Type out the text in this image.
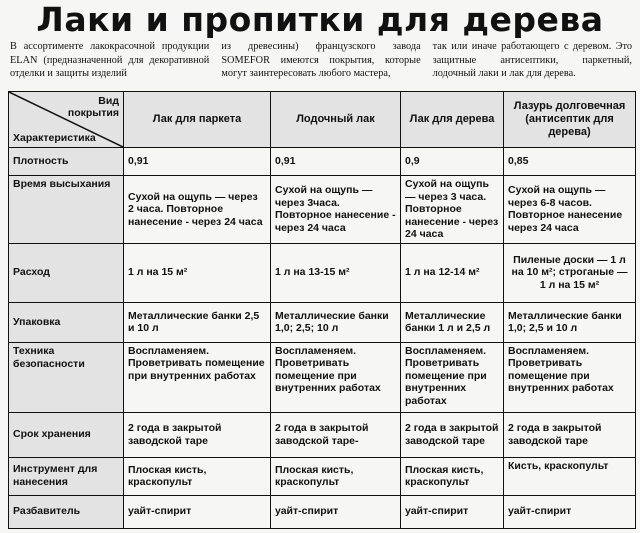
Лаки и пропитки для дерева
В ассортименте лакокрасочной продукции ELAN (предназначенной для декоративной отделки и защиты изделий
из древесины) французского завода SOMEFOR имеются покрытия, которые могут заинтересовать любого мастера,
так или иначе работающего с деревом. Это защитные антисептики, паркетный, лодочный лаки и лак для дерева.
Вид
покрытия
Характеристика	Лак для паркета	Лодочный лак	Лак для дерева	Лазурь долговечная (антисептик для дерева)
Плотность	0,91	0,91	0,9	0,85
Время высыхания	Сухой на ощупь — через 2 часа. Повторное нанесение - через 24 часа	Сухой на ощупь — через 3часа. Повторное нанесение - через 24 часа	Сухой на ощупь — через 3 часа. Повторное нанесение - через 24 часа	Сухой на ощупь — через 6-8 часов. Повторное нанесение через 24 часа
Расход	1 л на 15 м²	1 л на 13-15 м²	1 л на 12-14 м²	Пиленые доски — 1 л на 10 м²; строганые — 1 л на 15 м²
Упаковка	Металлические банки 2,5 и 10 л	Металлические банки 1,0; 2,5; 10 л	Металлические банки 1 л и 2,5 л	Металлические банки 1,0; 2,5 и 10 л
Техника безопасности	Воспламеняем. Проветривать помещение при внутренних работах	Воспламеняем. Проветривать помещение при внутренних работах	Воспламеняем. Проветривать помещение при внутренних работах	Воспламеняем. Проветривать помещение при внутренних работах
Срок хранения	2 года в закрытой заводской таре	2 года в закрытой заводской таре-	2 года в закрытой заводской таре	2 года в закрытой заводской таре
Инструмент для нанесения	Плоская кисть, краскопульт	Плоская кисть, краскопульт	Плоская кисть, краскопульт	Кисть, краскопульт
Разбавитель	уайт-спирит	уайт-спирит	уайт-спирит	уайт-спирит
